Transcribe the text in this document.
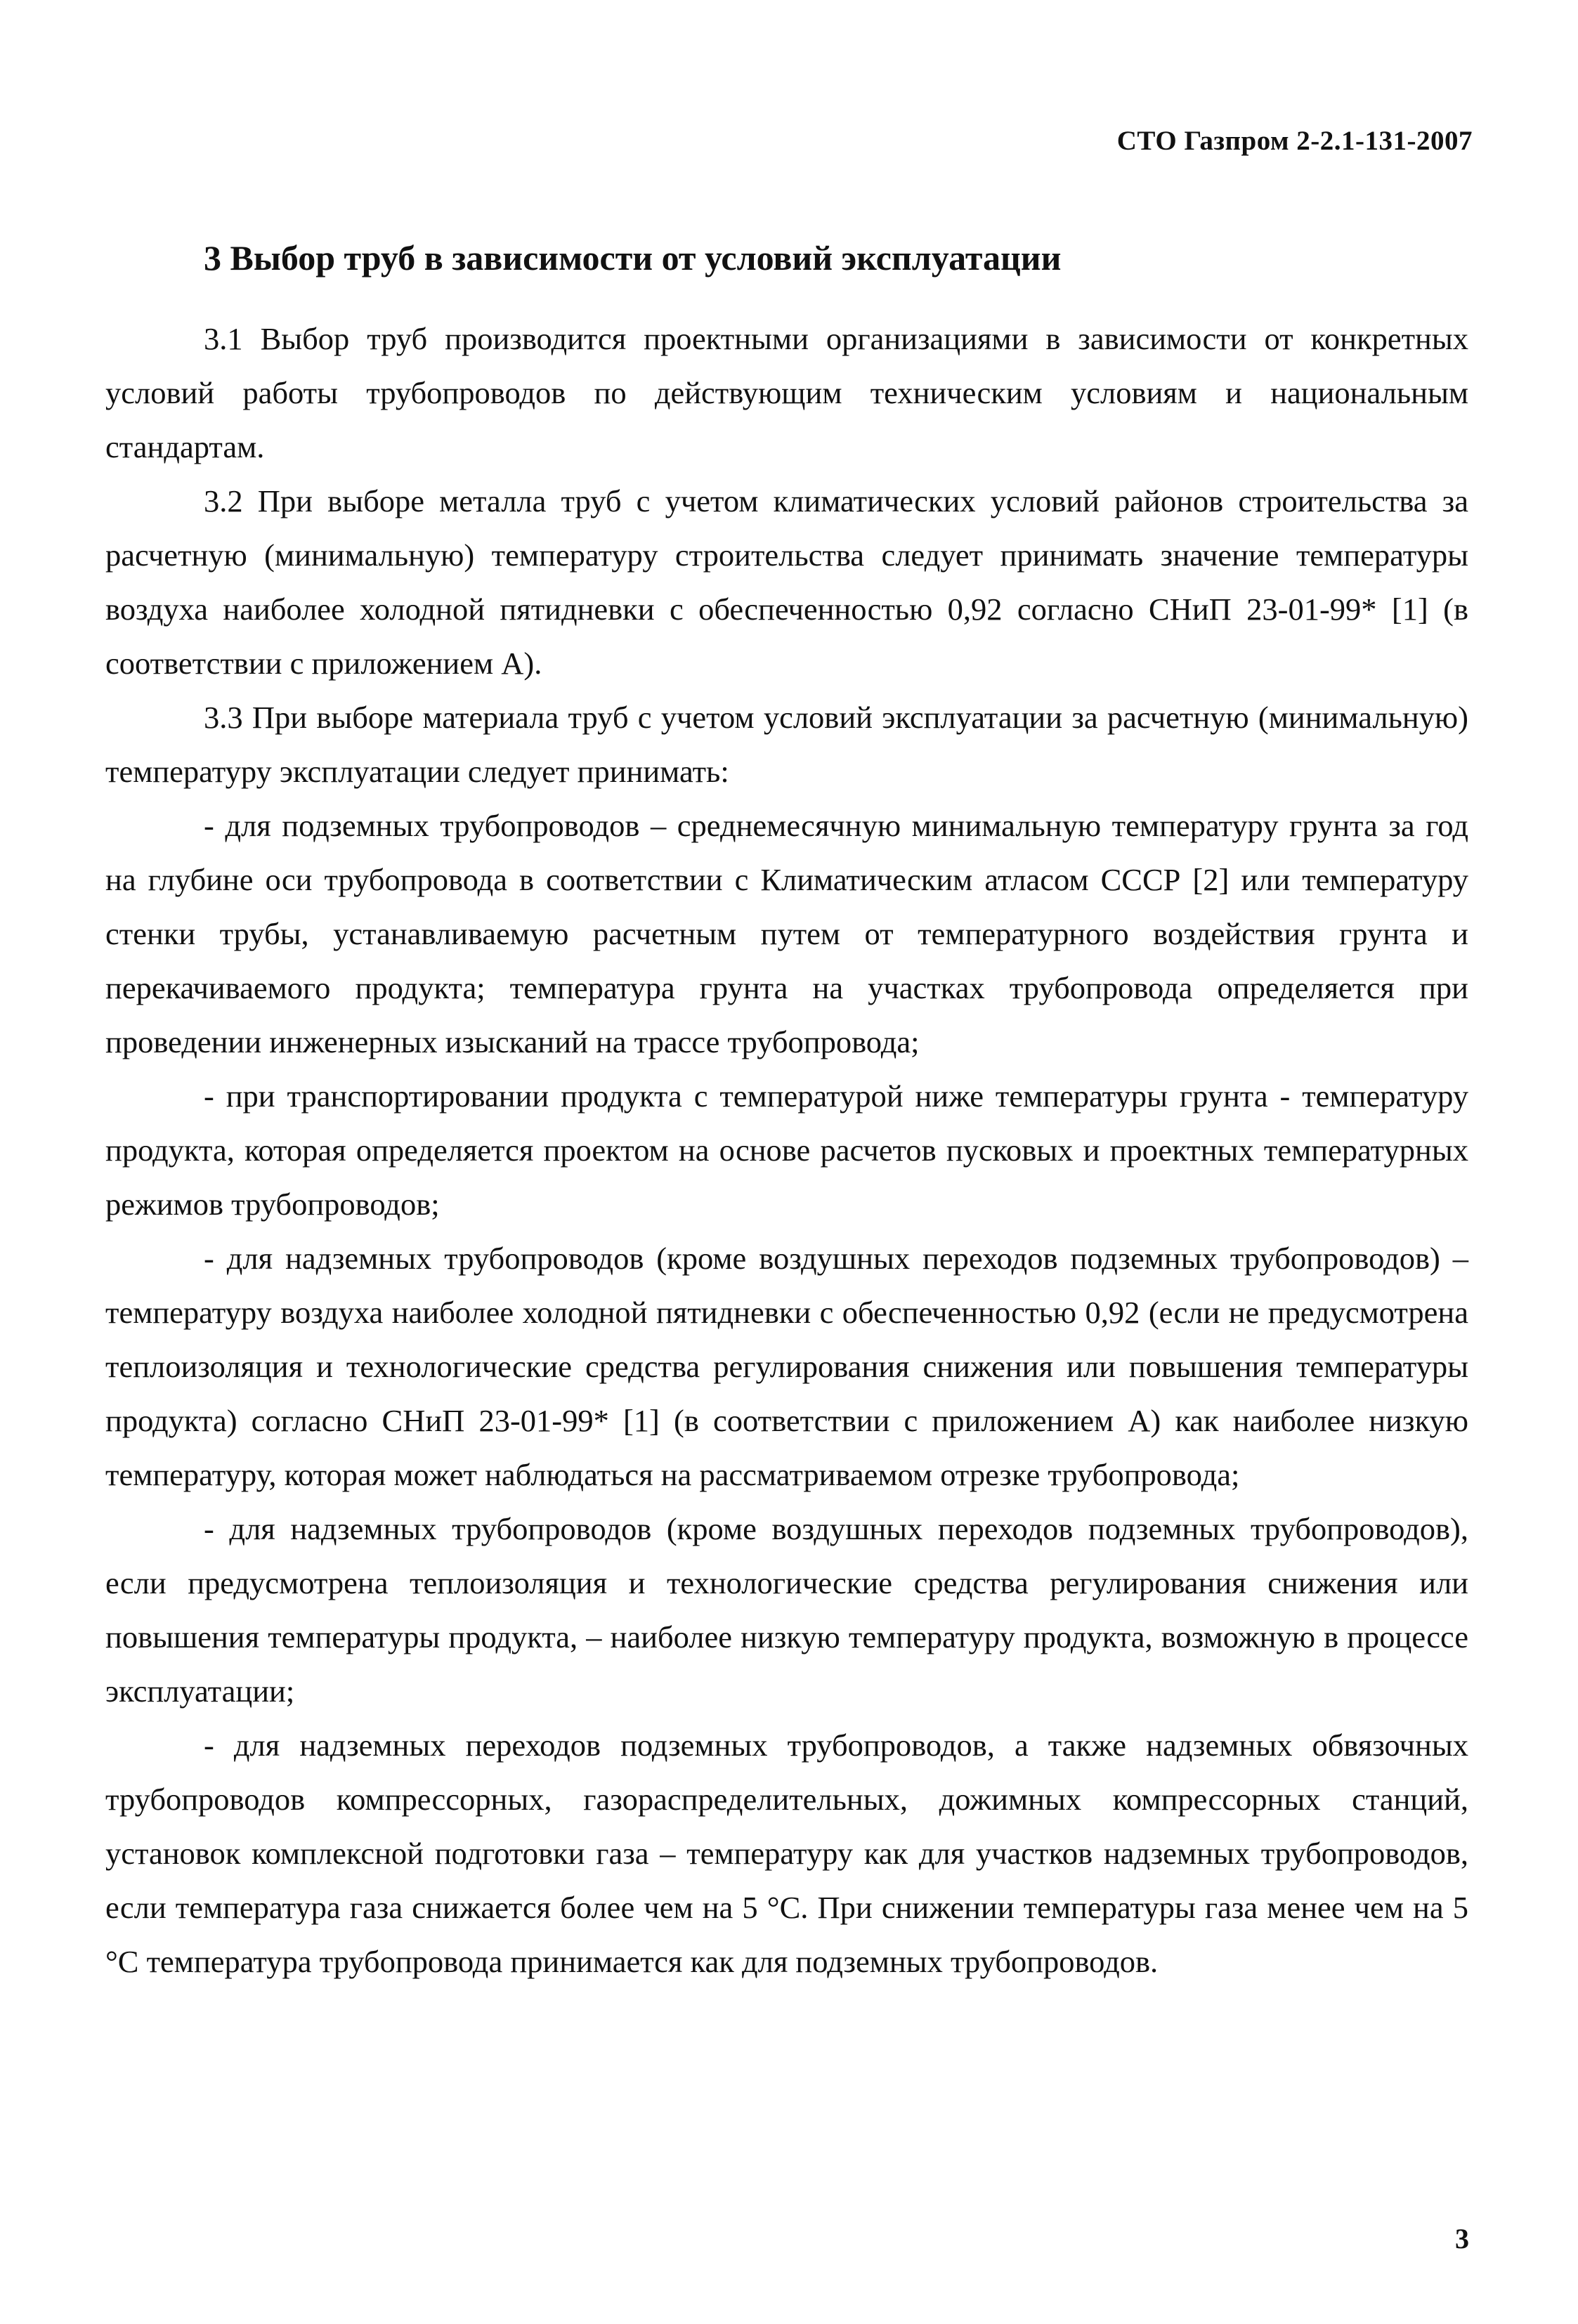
СТО Газпром 2-2.1-131-2007
3 Выбор труб в зависимости от условий эксплуатации

3.1 Выбор труб производится проектными организациями в зависимости от конкретных условий работы трубопроводов по действующим техническим условиям и национальным стандартам.

3.2 При выборе металла труб с учетом климатических условий районов строительства за расчетную (минимальную) температуру строительства следует принимать значение температуры воздуха наиболее холодной пятидневки с обеспеченностью 0,92 согласно СНиП 23-01-99* [1] (в соответствии с приложением А).

3.3 При выборе материала труб с учетом условий эксплуатации за расчетную (минимальную) температуру эксплуатации следует принимать:

- для подземных трубопроводов – среднемесячную минимальную температуру грунта за год на глубине оси трубопровода в соответствии с Климатическим атласом СССР [2] или температуру стенки трубы, устанавливаемую расчетным путем от температурного воздействия грунта и перекачиваемого продукта; температура грунта на участках трубопровода определяется при проведении инженерных изысканий на трассе трубопровода;

- при транспортировании продукта с температурой ниже температуры грунта - температуру продукта, которая определяется проектом на основе расчетов пусковых и проектных температурных режимов трубопроводов;

- для надземных трубопроводов (кроме воздушных переходов подземных трубопроводов) – температуру воздуха наиболее холодной пятидневки с обеспеченностью 0,92 (если не предусмотрена теплоизоляция и технологические средства регулирования снижения или повышения температуры продукта) согласно СНиП 23-01-99* [1] (в соответствии с приложением А) как наиболее низкую температуру, которая может наблюдаться на рассматриваемом отрезке трубопровода;

- для надземных трубопроводов (кроме воздушных переходов подземных трубопроводов), если предусмотрена теплоизоляция и технологические средства регулирования снижения или повышения температуры продукта, – наиболее низкую температуру продукта, возможную в процессе эксплуатации;

- для надземных переходов подземных трубопроводов, а также надземных обвязочных трубопроводов компрессорных, газораспределительных, дожимных компрессорных станций, установок комплексной подготовки газа – температуру как для участков надземных трубопроводов, если температура газа снижается более чем на 5 °С. При снижении температуры газа менее чем на 5 °С температура трубопровода принимается как для подземных трубопроводов.

3
